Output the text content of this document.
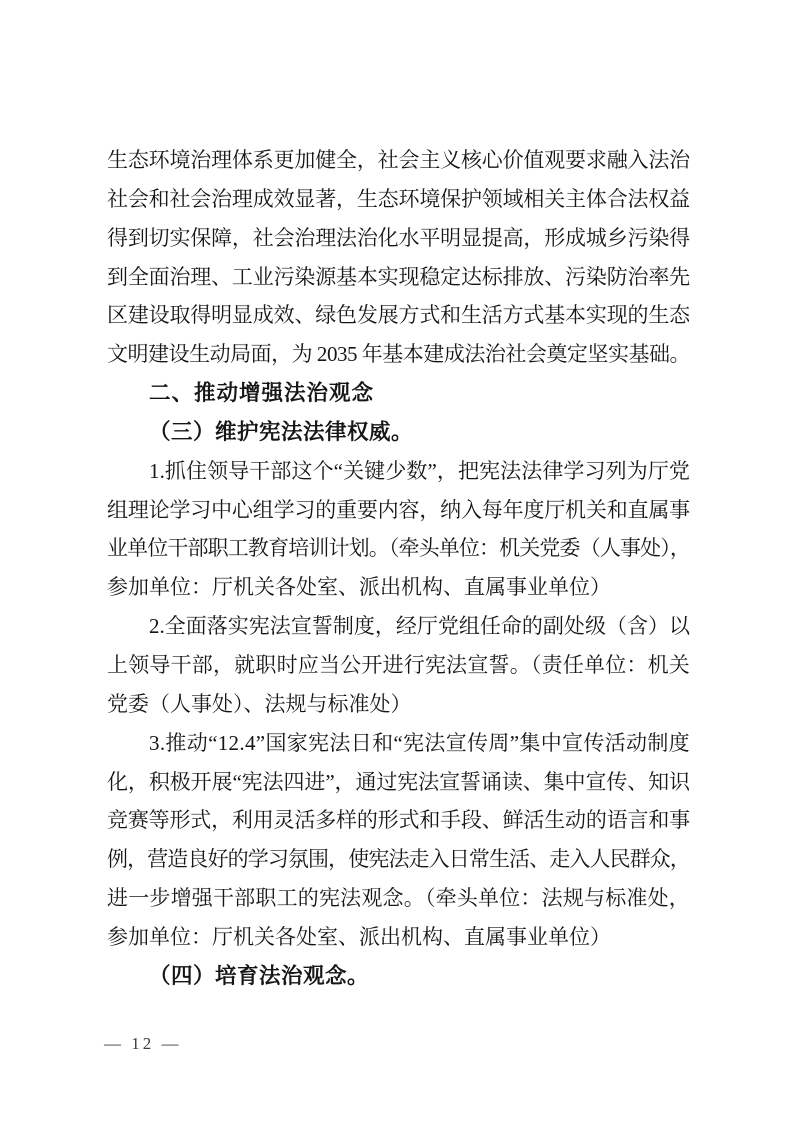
生态环境治理体系更加健全，社会主义核心价值观要求融入法治
社会和社会治理成效显著，生态环境保护领域相关主体合法权益
得到切实保障，社会治理法治化水平明显提高，形成城乡污染得
到全面治理、工业污染源基本实现稳定达标排放、污染防治率先
区建设取得明显成效、绿色发展方式和生活方式基本实现的生态
文明建设生动局面，为 2035 年基本建成法治社会奠定坚实基础。
二、推动增强法治观念
（三）维护宪法法律权威。
1.抓住领导干部这个“关键少数”，把宪法法律学习列为厅党
组理论学习中心组学习的重要内容，纳入每年度厅机关和直属事
业单位干部职工教育培训计划。（牵头单位：机关党委（人事处），
参加单位：厅机关各处室、派出机构、直属事业单位）
2.全面落实宪法宣誓制度，经厅党组任命的副处级（含）以
上领导干部，就职时应当公开进行宪法宣誓。（责任单位：机关
党委（人事处）、法规与标准处）
3.推动“12.4”国家宪法日和“宪法宣传周”集中宣传活动制度
化，积极开展“宪法四进”，通过宪法宣誓诵读、集中宣传、知识
竞赛等形式，利用灵活多样的形式和手段、鲜活生动的语言和事
例，营造良好的学习氛围，使宪法走入日常生活、走入人民群众，
进一步增强干部职工的宪法观念。（牵头单位：法规与标准处，
参加单位：厅机关各处室、派出机构、直属事业单位）
（四）培育法治观念。
— 12 —
